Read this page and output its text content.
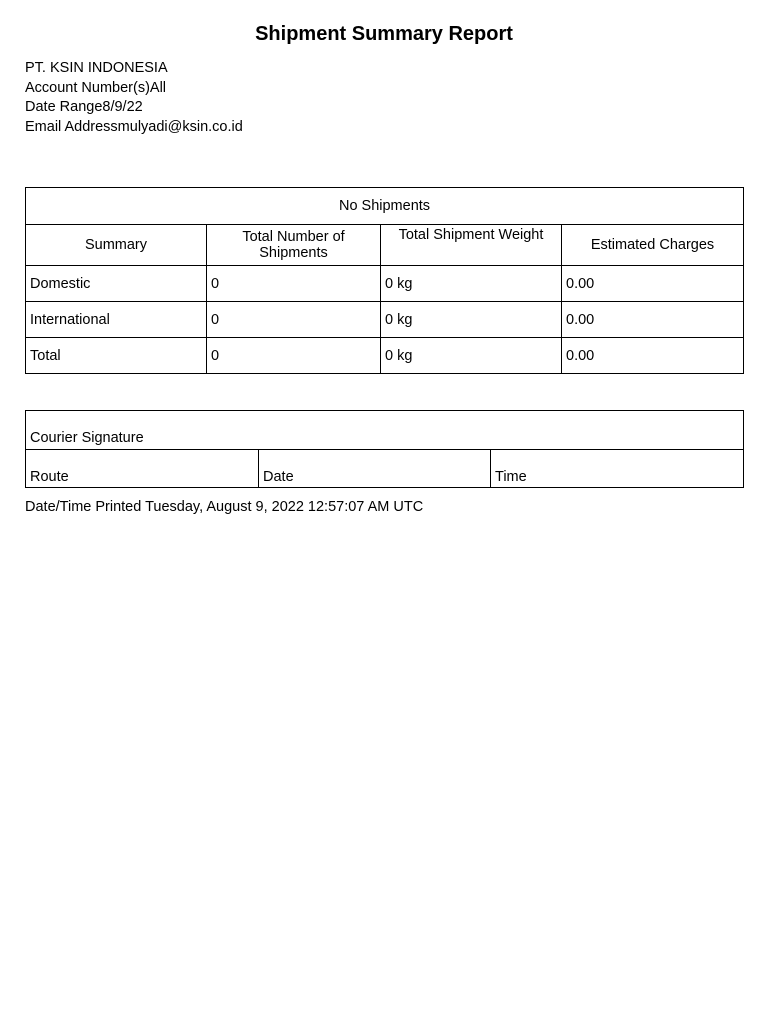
Shipment Summary Report
PT. KSIN INDONESIA
Account Number(s)All
Date Range8/9/22
Email Addressmulyadi@ksin.co.id
No Shipments			
Summary	Total Number of Shipments	Total Shipment Weight	Estimated Charges
Domestic	0	0 kg	0.00
International	0	0 kg	0.00
Total	0	0 kg	0.00
Courier Signature
Route	Date	Time
Date/Time Printed Tuesday, August 9, 2022 12:57:07 AM UTC
